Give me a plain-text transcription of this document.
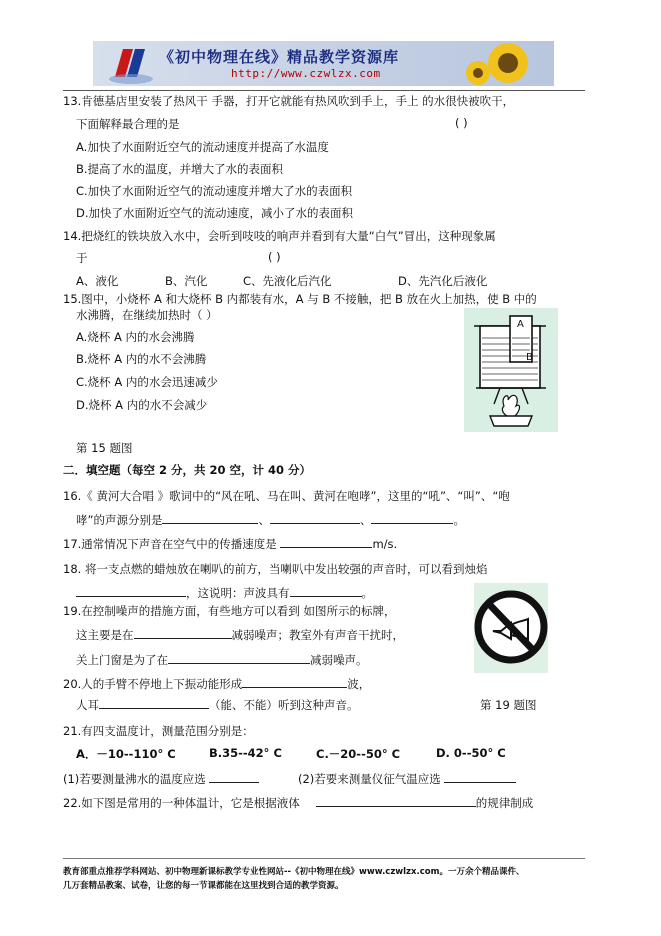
《初中物理在线》精品教学资源库
http://www.czwlzx.com
13.肯德基店里安装了热风干 手器，打开它就能有热风吹到手上，手上 的水很快被吹干，
下面解释最合理的是	( )
A.加快了水面附近空气的流动速度并提高了水温度
B.提高了水的温度，并增大了水的表面积
C.加快了水面附近空气的流动速度并增大了水的表面积
D.加快了水面附近空气的流动速度，减小了水的表面积
14.把烧红的铁块放入水中，会听到吱吱的响声并看到有大量“白气”冒出，这种现象属
于	( )
A、液化	B、汽化	C、先液化后汽化	D、先汽化后液化
15.图中，小烧杯 A 和大烧杯 B 内都装有水，A 与 B 不接触，把 B 放在火上加热，使 B 中的
水沸腾，在继续加热时（ ）
A.烧杯 A 内的水会沸腾
B.烧杯 A 内的水不会沸腾
C.烧杯 A 内的水会迅速减少
D.烧杯 A 内的水不会减少
A
B
第 15 题图
二．填空题（每空 2 分，共 20 空，计 40 分）
16.《 黄河大合唱 》歌词中的“风在吼、马在叫、黄河在咆哮”，这里的“吼”、“叫”、“咆
哮”的声源分别是	、	、	。
17.通常情况下声音在空气中的传播速度是	m/s.
18. 将一支点燃的蜡烛放在喇叭的前方，当喇叭中发出较强的声音时，可以看到烛焰
，这说明：声波具有	。
19.在控制噪声的措施方面，有些地方可以看到 如图所示的标牌，
这主要是在	减弱噪声；教室外有声音干扰时，
关上门窗是为了在	减弱噪声。
20.人的手臂不停地上下振动能形成	波，
人耳	（能、不能）听到这种声音。	第 19 题图
21.有四支温度计，测量范围分别是：
A．－10--110° C	B.35--42° C	C.－20--50° C	D. 0--50° C
(1)若要测量沸水的温度应选	(2)若要来测量仪征气温应选
22.如下图是常用的一种体温计，它是根据液体	的规律制成
教育部重点推荐学科网站、初中物理新课标教学专业性网站--《初中物理在线》www.czwlzx.com。一万余个精品课件、
几万套精品教案、试卷，让您的每一节课都能在这里找到合适的教学资源。
